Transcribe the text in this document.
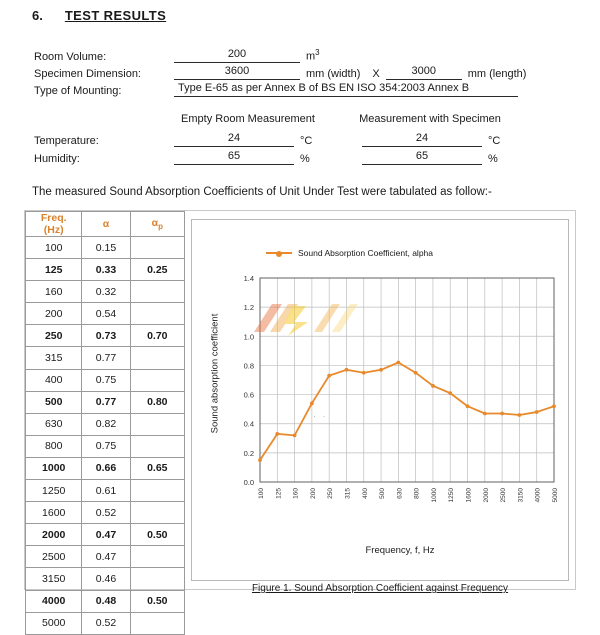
6. TEST RESULTS
Room Volume:	200	$m^3$
Specimen Dimension:	3600	mm (width)	X	3000	mm (length)
Type of Mounting:	Type E-65 as per Annex B of BS EN ISO 354:2003 Annex B
Empty Room Measurement	Measurement with Specimen
Temperature:	24	°C	24	°C
Humidity:	65	%	65	%
The measured Sound Absorption Coefficients of Unit Under Test were tabulated as follow:-
Freq.
(Hz)	α	$\alpha_p$
100	0.15	
125	0.33	0.25
160	0.32	
200	0.54	
250	0.73	0.70
315	0.77	
400	0.75	
500	0.77	0.80
630	0.82	
800	0.75	
1000	0.66	0.65
1250	0.61	
1600	0.52	
2000	0.47	0.50
2500	0.47	
3150	0.46	
4000	0.48	0.50
5000	0.52	
Sound Absorption Coefficient, alpha
Sound absorption coefficient
0.0
0.2
0.4
0.6
0.8
1.0
1.2
1.4
100 125 160 200 250 315 400 500 630 800 1000 1250 1600 2000 2500 3150 4000 5000
Frequency, f, Hz
· ·
Figure 1. Sound Absorption Coefficient against Frequency
